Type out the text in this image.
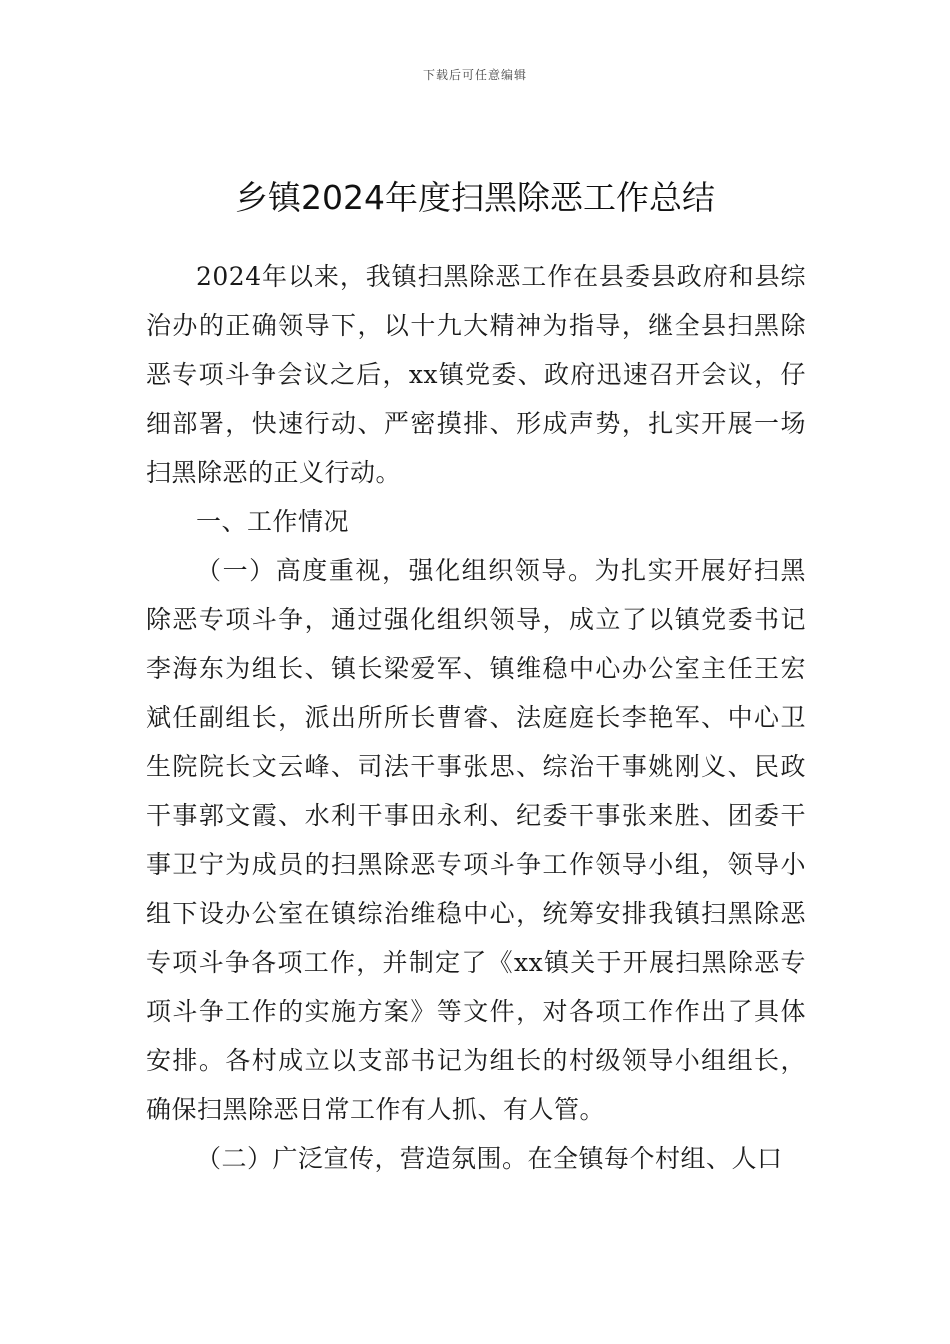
下载后可任意编辑
乡镇2024年度扫黑除恶工作总结

2024年以来，我镇扫黑除恶工作在县委县政府和县综治办的正确领导下，以十九大精神为指导，继全县扫黑除恶专项斗争会议之后，xx镇党委、政府迅速召开会议，仔细部署，快速行动、严密摸排、形成声势，扎实开展一场扫黑除恶的正义行动。

一、工作情况

（一）高度重视，强化组织领导。为扎实开展好扫黑除恶专项斗争，通过强化组织领导，成立了以镇党委书记李海东为组长、镇长梁爱军、镇维稳中心办公室主任王宏斌任副组长，派出所所长曹睿、法庭庭长李艳军、中心卫生院院长文云峰、司法干事张思、综治干事姚刚义、民政干事郭文霞、水利干事田永利、纪委干事张来胜、团委干事卫宁为成员的扫黑除恶专项斗争工作领导小组，领导小组下设办公室在镇综治维稳中心，统筹安排我镇扫黑除恶专项斗争各项工作，并制定了《xx镇关于开展扫黑除恶专项斗争工作的实施方案》等文件，对各项工作作出了具体安排。各村成立以支部书记为组长的村级领导小组组长，确保扫黑除恶日常工作有人抓、有人管。

（二）广泛宣传，营造氛围。在全镇每个村组、人口
